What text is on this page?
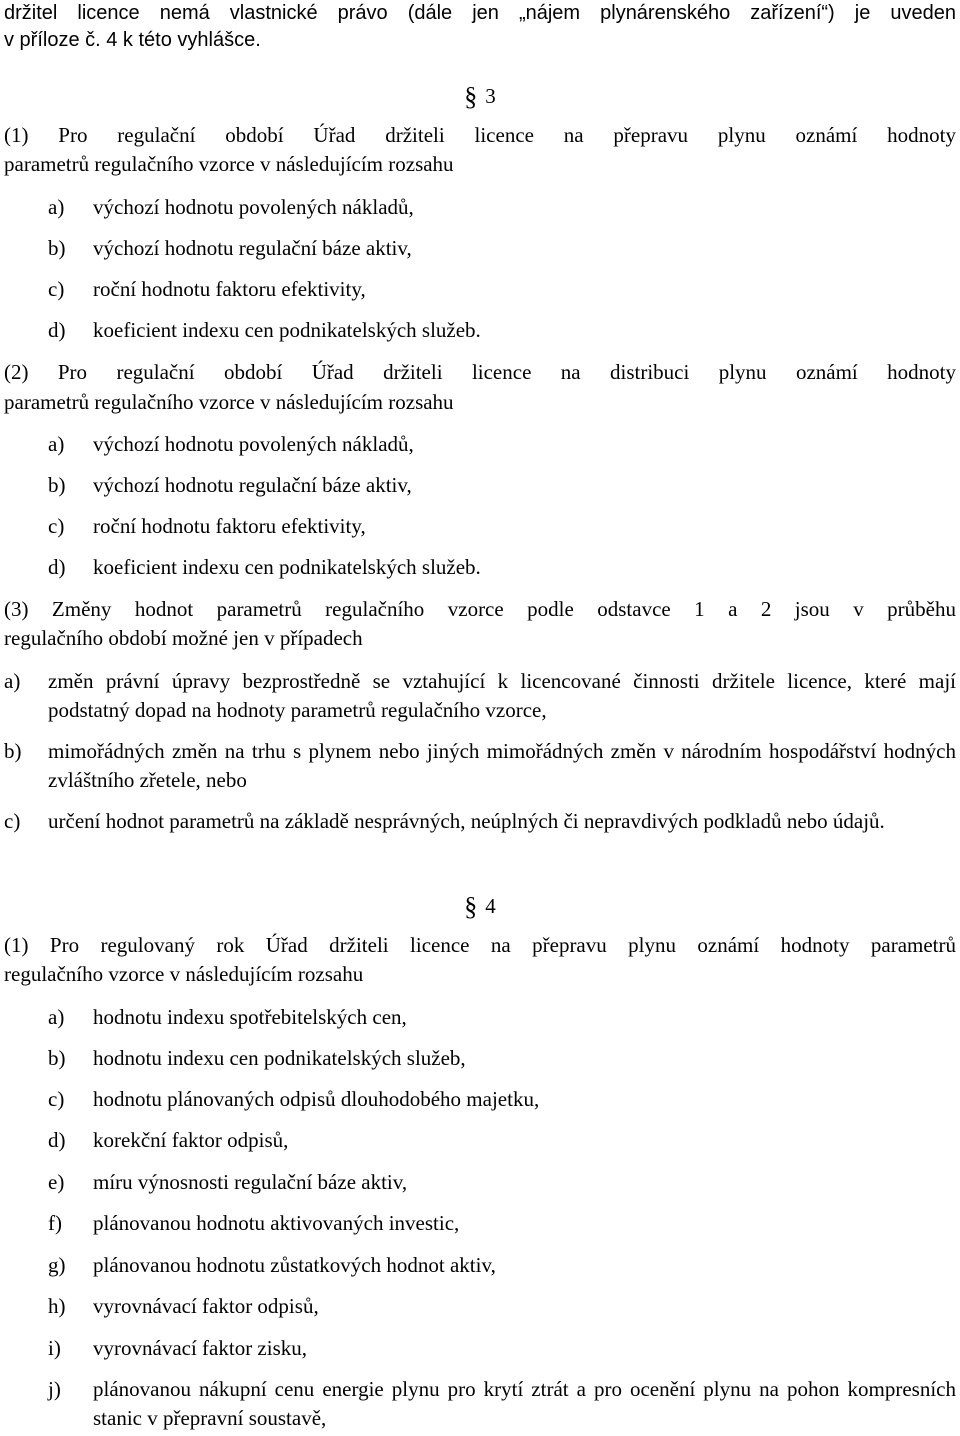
držitel licence nemá vlastnické právo (dále jen „nájem plynárenského zařízení“) je uveden
v příloze č. 4 k této vyhlášce.
§ 3
(1) Pro regulační období Úřad držiteli licence na přepravu plynu oznámí hodnoty
parametrů regulačního vzorce v následujícím rozsahu
a) výchozí hodnotu povolených nákladů,
b) výchozí hodnotu regulační báze aktiv,
c) roční hodnotu faktoru efektivity,
d) koeficient indexu cen podnikatelských služeb.
(2) Pro regulační období Úřad držiteli licence na distribuci plynu oznámí hodnoty
parametrů regulačního vzorce v následujícím rozsahu
a) výchozí hodnotu povolených nákladů,
b) výchozí hodnotu regulační báze aktiv,
c) roční hodnotu faktoru efektivity,
d) koeficient indexu cen podnikatelských služeb.
(3) Změny hodnot parametrů regulačního vzorce podle odstavce 1 a 2 jsou v průběhu
regulačního období možné jen v případech
a) změn právní úpravy bezprostředně se vztahující k licencované činnosti držitele licence, které mají podstatný dopad na hodnoty parametrů regulačního vzorce,
b) mimořádných změn na trhu s plynem nebo jiných mimořádných změn v národním hospodářství hodných zvláštního zřetele, nebo
c) určení hodnot parametrů na základě nesprávných, neúplných či nepravdivých podkladů nebo údajů.
§ 4
(1) Pro regulovaný rok Úřad držiteli licence na přepravu plynu oznámí hodnoty parametrů
regulačního vzorce v následujícím rozsahu
a) hodnotu indexu spotřebitelských cen,
b) hodnotu indexu cen podnikatelských služeb,
c) hodnotu plánovaných odpisů dlouhodobého majetku,
d) korekční faktor odpisů,
e) míru výnosnosti regulační báze aktiv,
f) plánovanou hodnotu aktivovaných investic,
g) plánovanou hodnotu zůstatkových hodnot aktiv,
h) vyrovnávací faktor odpisů,
i) vyrovnávací faktor zisku,
j) plánovanou nákupní cenu energie plynu pro krytí ztrát a pro ocenění plynu na pohon kompresních stanic v přepravní soustavě,
